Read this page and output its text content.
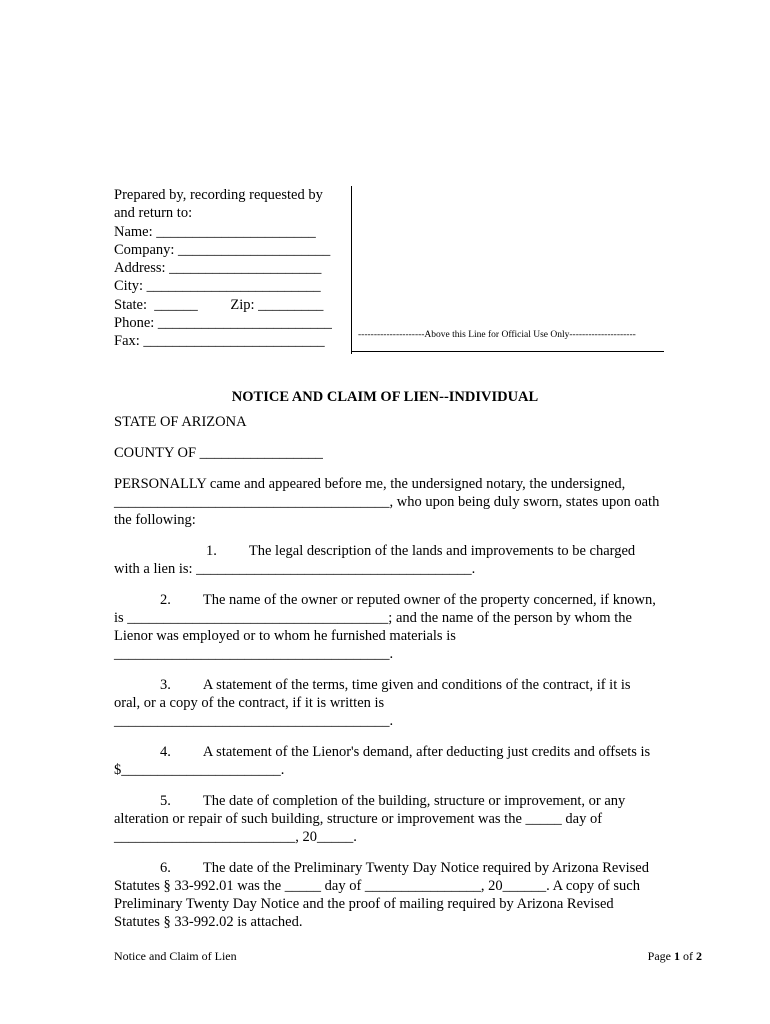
Prepared by, recording requested by
and return to:
Name: ______________________
Company: _____________________
Address: _____________________
City: ________________________
State:  ______         Zip: _________
Phone: ________________________
Fax: _________________________	---------------------Above this Line for Official Use Only---------------------
NOTICE AND CLAIM OF LIEN--INDIVIDUAL

STATE OF ARIZONA

COUNTY OF _________________

PERSONALLY came and appeared before me, the undersigned notary, the undersigned, ______________________________________, who upon being duly sworn, states upon oath the following:

1. The legal description of the lands and improvements to be charged with a lien is: ______________________________________.

2. The name of the owner or reputed owner of the property concerned, if known, is ____________________________________; and the name of the person by whom the Lienor was employed or to whom he furnished materials is ______________________________________.

3. A statement of the terms, time given and conditions of the contract, if it is oral, or a copy of the contract, if it is written is ______________________________________.

4. A statement of the Lienor's demand, after deducting just credits and offsets is $______________________.

5. The date of completion of the building, structure or improvement, or any alteration or repair of such building, structure or improvement was the _____ day of _________________________, 20_____.

6. The date of the Preliminary Twenty Day Notice required by Arizona Revised Statutes § 33-992.01 was the _____ day of ________________, 20______. A copy of such Preliminary Twenty Day Notice and the proof of mailing required by Arizona Revised Statutes § 33-992.02 is attached.

Notice and Claim of Lien	Page 1 of 2
